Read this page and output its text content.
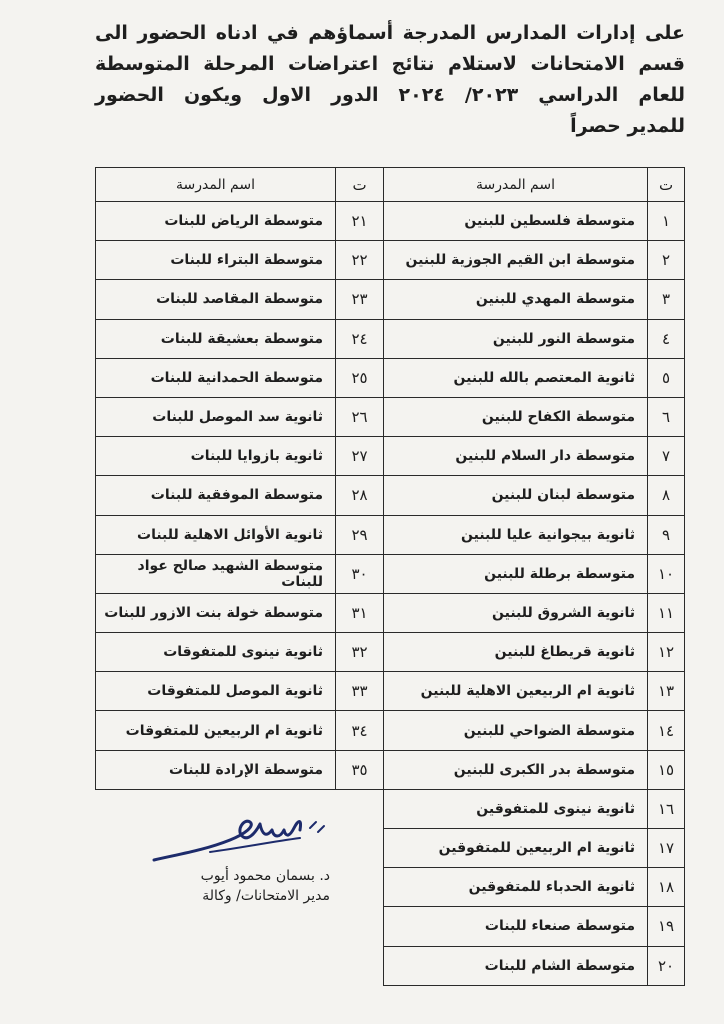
على إدارات المدارس المدرجة أسماؤهم في ادناه الحضور الى
قسم الامتحانات لاستلام نتائج اعتراضات المرحلة المتوسطة
للعام الدراسي ٢٠٢٣/ ٢٠٢٤ الدور الاول ويكون الحضور
للمدير حصراً
ت	اسم المدرسة
١	متوسطة فلسطين للبنين
٢	متوسطة ابن القيم الجوزية للبنين
٣	متوسطة المهدي للبنين
٤	متوسطة النور للبنين
٥	ثانوية المعتصم بالله للبنين
٦	متوسطة الكفاح للبنين
٧	متوسطة دار السلام للبنين
٨	متوسطة لبنان للبنين
٩	ثانوية بيجوانية عليا للبنين
١٠	متوسطة برطلة للبنين
١١	ثانوية الشروق للبنين
١٢	ثانوية قريطاغ للبنين
١٣	ثانوية ام الربيعين الاهلية للبنين
١٤	متوسطة الضواحي للبنين
١٥	متوسطة بدر الكبرى للبنين
١٦	ثانوية نينوى للمتفوقين
١٧	ثانوية ام الربيعين للمتفوقين
١٨	ثانوية الحدباء للمتفوقين
١٩	متوسطة صنعاء للبنات
٢٠	متوسطة الشام للبنات
ت	اسم المدرسة
٢١	متوسطة الرياض للبنات
٢٢	متوسطة البتراء للبنات
٢٣	متوسطة المقاصد للبنات
٢٤	متوسطة بعشيقة للبنات
٢٥	متوسطة الحمدانية للبنات
٢٦	ثانوية سد الموصل للبنات
٢٧	ثانوية بازوايا للبنات
٢٨	متوسطة الموفقية للبنات
٢٩	ثانوية الأوائل الاهلية للبنات
٣٠	متوسطة الشهيد صالح عواد للبنات
٣١	متوسطة خولة بنت الازور للبنات
٣٢	ثانوية نينوى للمتفوقات
٣٣	ثانوية الموصل للمتفوقات
٣٤	ثانوية ام الربيعين للمتفوقات
٣٥	متوسطة الإرادة للبنات
د. بسمان محمود أيوب
مدير الامتحانات/ وكالة
